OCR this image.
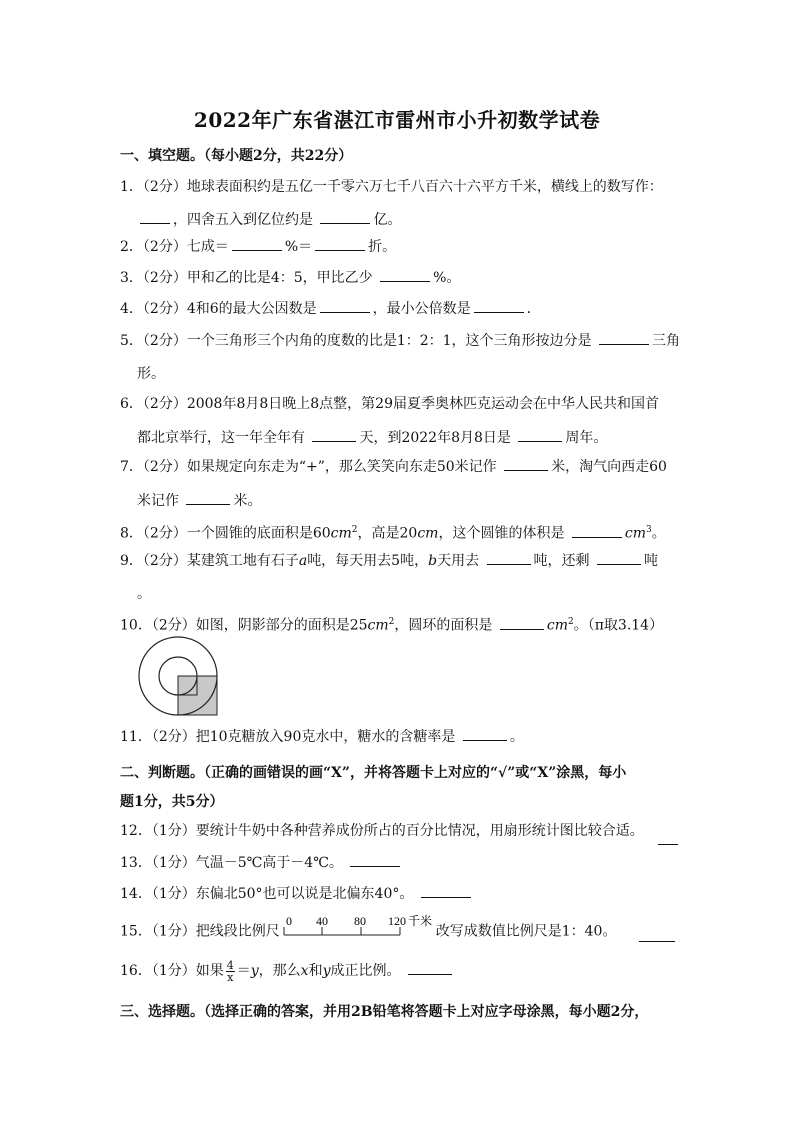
2022年广东省湛江市雷州市小升初数学试卷
一、填空题。（每小题2分，共22分）
1．（2分）地球表面积约是五亿一千零六万七千八百六十六平方千米，横线上的数写作：
，四舍五入到亿位约是	亿。
2．（2分）七成＝	%＝	折。
3．（2分）甲和乙的比是4：5，甲比乙少	%。
4．（2分）4和6的最大公因数是	，最小公倍数是	．
5．（2分）一个三角形三个内角的度数的比是1：2：1，这个三角形按边分是	三角
形。
6．（2分）2008年8月8日晚上8点整，第29届夏季奥林匹克运动会在中华人民共和国首
都北京举行，这一年全年有	天，到2022年8月8日是	周年。
7．（2分）如果规定向东走为“+”，那么笑笑向东走50米记作	米，淘气向西走60
米记作	米。
8．（2分）一个圆锥的底面积是$60cm^2$，高是20cm，这个圆锥的体积是	$cm^3$。
9．（2分）某建筑工地有石子a吨，每天用去5吨，b天用去	吨，还剩	吨
。
10．（2分）如图，阴影部分的面积是$25cm^2$，圆环的面积是	$cm^2$。（π取3.14）
11．（2分）把10克糖放入90克水中，糖水的含糖率是	。
二、判断题。（正确的画错误的画“X”，并将答题卡上对应的“√”或“X”涂黑，每小
题1分，共5分）
12．（1分）要统计牛奶中各种营养成份所占的百分比情况，用扇形统计图比较合适。
13．（1分）气温－5℃高于－4℃。
14．（1分）东偏北50°也可以说是北偏东40°。
15．（1分）把线段比例尺
0 40 80 120 千米
改写成数值比例尺是1：40。
16．（1分）如果 $\frac{4}{x} =y$，那么x和y成正比例。
三、选择题。（选择正确的答案，并用2B铅笔将答题卡上对应字母涂黑，每小题2分，
